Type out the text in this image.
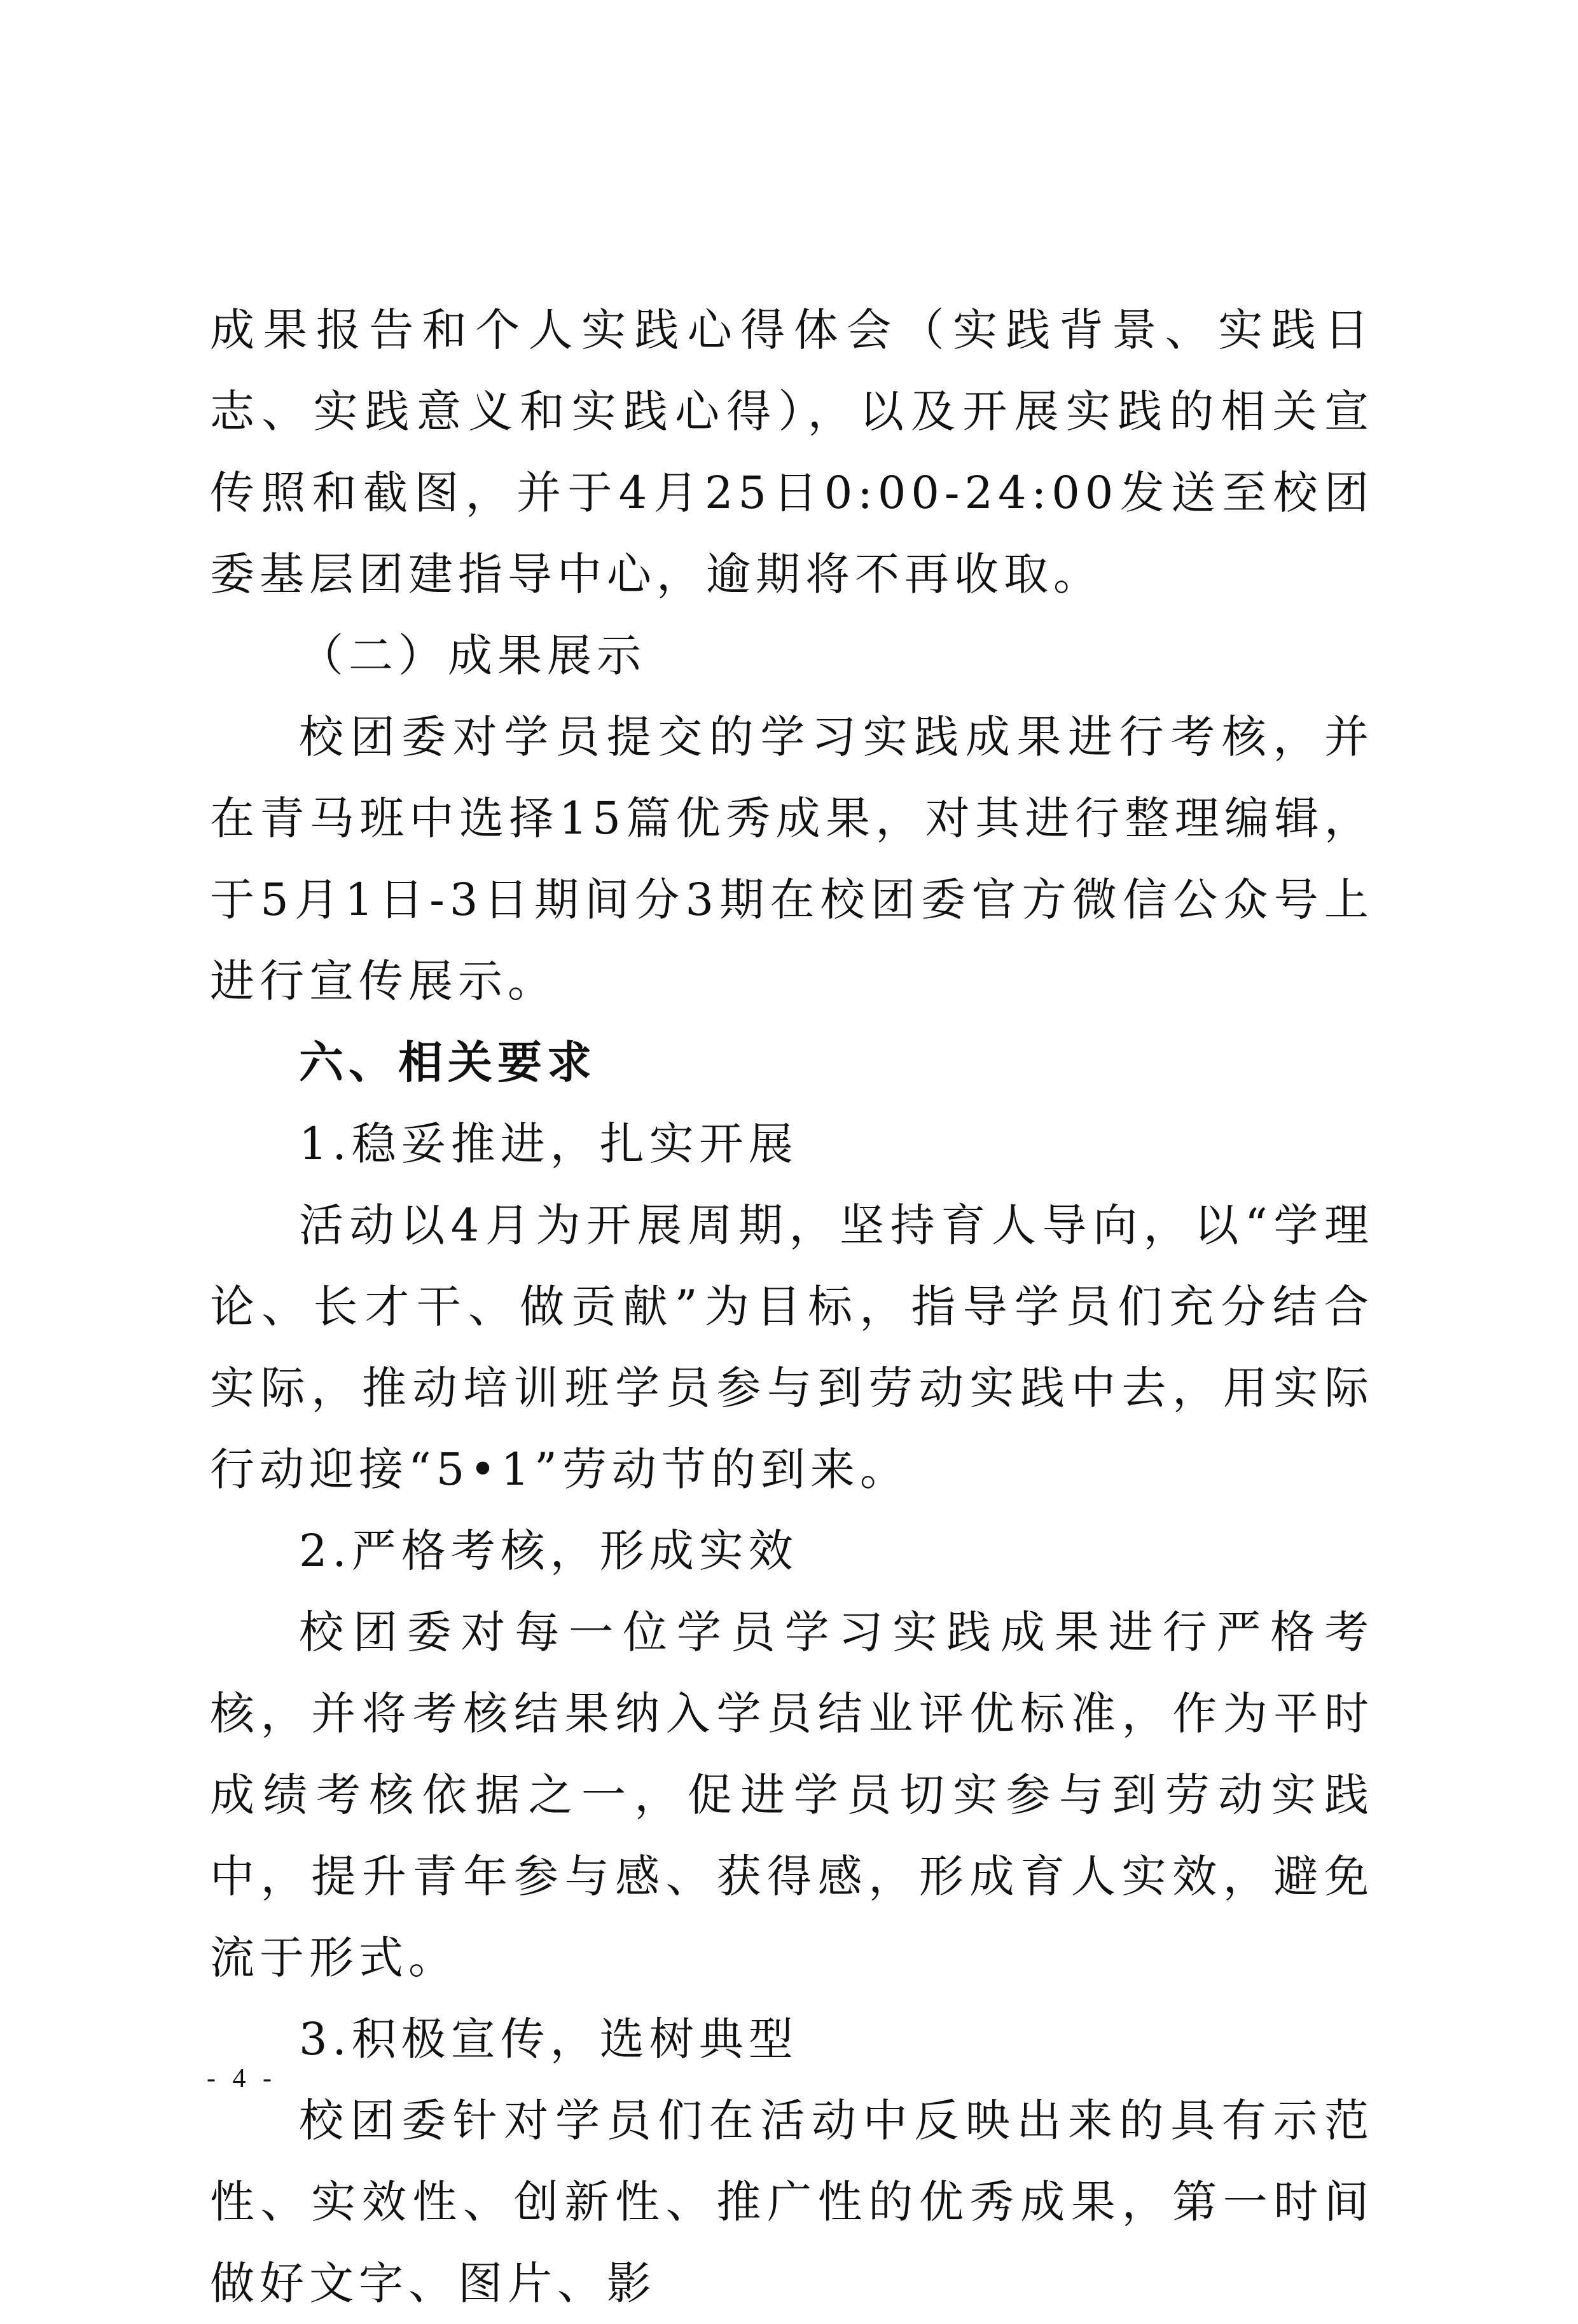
成果报告和个人实践心得体会（实践背景、实践日志、实践意义和实践心得），以及开展实践的相关宣传照和截图，并于4月25日0:00-24:00发送至校团委基层团建指导中心，逾期将不再收取。

（二）成果展示

校团委对学员提交的学习实践成果进行考核，并在青马班中选择15篇优秀成果，对其进行整理编辑，于5月1日-3日期间分3期在校团委官方微信公众号上进行宣传展示。

六、相关要求

1.稳妥推进，扎实开展

活动以4月为开展周期，坚持育人导向，以“学理论、长才干、做贡献”为目标，指导学员们充分结合实际，推动培训班学员参与到劳动实践中去，用实际行动迎接“5•1”劳动节的到来。

2.严格考核，形成实效

校团委对每一位学员学习实践成果进行严格考核，并将考核结果纳入学员结业评优标准，作为平时成绩考核依据之一，促进学员切实参与到劳动实践中，提升青年参与感、获得感，形成育人实效，避免流于形式。

3.积极宣传，选树典型

校团委针对学员们在活动中反映出来的具有示范性、实效性、创新性、推广性的优秀成果，第一时间做好文字、图片、影

- 4 -
